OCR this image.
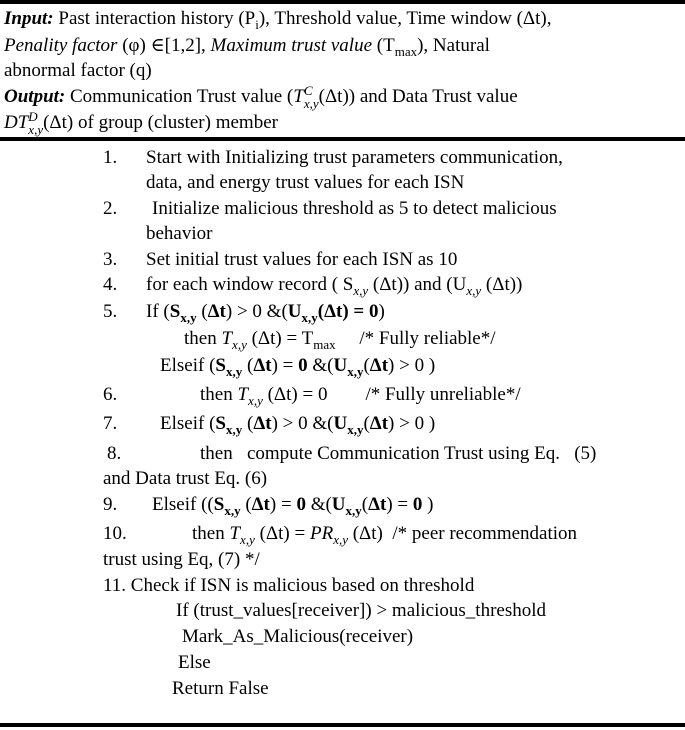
Input: Past interaction history $(P_i)$, Threshold value, Time window (Δt),
Penality factor (φ) ∈[1,2], Maximum trust value $(T_{max})$, Natural
abnormal factor (q)
Output: Communication Trust value (T C
x,y (Δt)) and Data Trust value
DT D
x,y (Δt) of group (cluster) member
1. Start with Initializing trust parameters communication,
data, and energy trust values for each ISN
2. Initialize malicious threshold as 5 to detect malicious
behavior
3. Set initial trust values for each ISN as 10
4. for each window record ( $S_{x,y}$ (Δt)) and ($U_{x,y}$ (Δt))
5. If ($S_{x,y}$ (Δt) > 0 $\&(U_{x,y}(\Delta t) = 0)$
then $T_{x,y}$ $(\Delta t) = T_{max}$     /* Fully reliable*/
Elseif ($S_{x,y}$ (Δt) = 0 $\&(U_{x,y}(\Delta t) > 0$ )
6.	then $T_{x,y}$ (Δt) = 0        /* Fully unreliable*/
7. Elseif ($S_{x,y}$ (Δt) > 0 $\&(U_{x,y}(\Delta t) > 0$ )
8.	then   compute Communication Trust using Eq.   (5)
and Data trust Eq. (6)
9. Elseif (($S_{x,y}$ (Δt) = 0 $\&(U_{x,y}(\Delta t) = 0$ )
10.	then $T_{x,y}$ $(\Delta t) = PR_{x,y}$ (Δt)  /* peer recommendation
trust using Eq, (7) */
11. Check if ISN is malicious based on threshold
If (trust_values[receiver]) > malicious_threshold
Mark_As_Malicious(receiver)
Else
Return False
